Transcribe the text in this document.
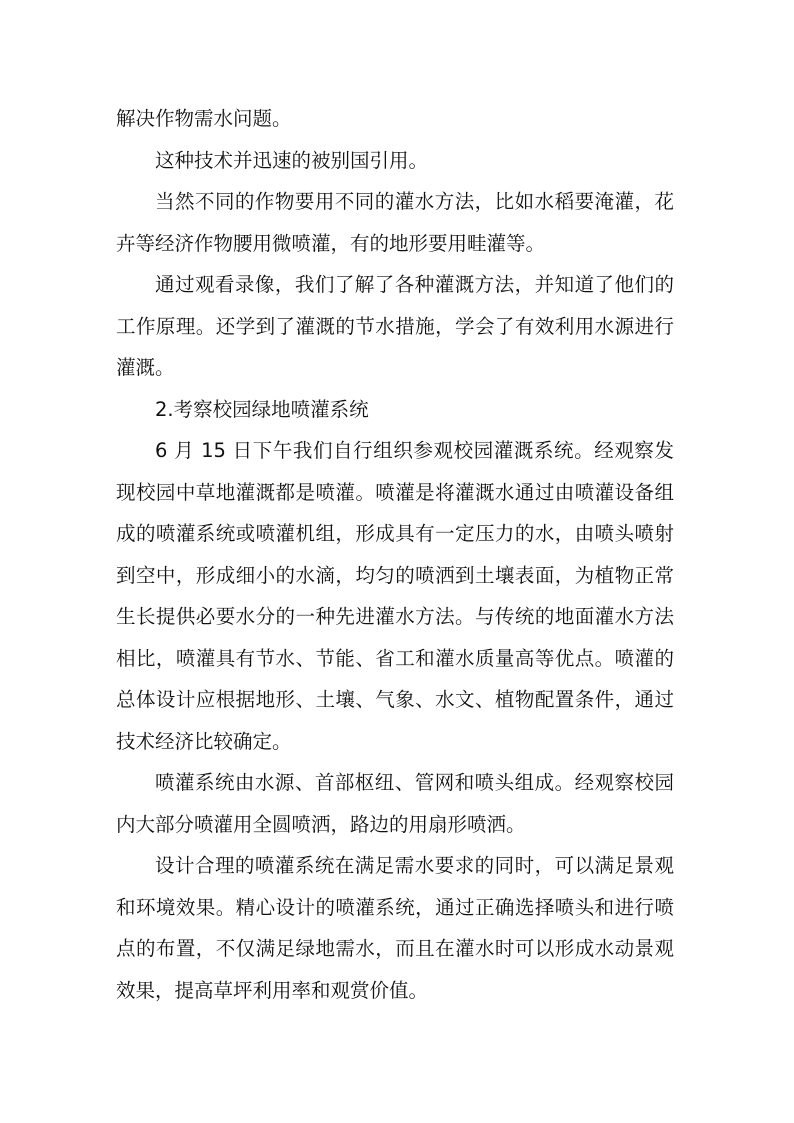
解决作物需水问题。

这种技术并迅速的被别国引用。

当然不同的作物要用不同的灌水方法，比如水稻要淹灌，花卉等经济作物腰用微喷灌，有的地形要用畦灌等。

通过观看录像，我们了解了各种灌溉方法，并知道了他们的工作原理。还学到了灌溉的节水措施，学会了有效利用水源进行灌溉。

2.考察校园绿地喷灌系统

6 月 15 日下午我们自行组织参观校园灌溉系统。经观察发现校园中草地灌溉都是喷灌。喷灌是将灌溉水通过由喷灌设备组成的喷灌系统或喷灌机组，形成具有一定压力的水，由喷头喷射到空中，形成细小的水滴，均匀的喷洒到土壤表面，为植物正常生长提供必要水分的一种先进灌水方法。与传统的地面灌水方法相比，喷灌具有节水、节能、省工和灌水质量高等优点。喷灌的总体设计应根据地形、土壤、气象、水文、植物配置条件，通过技术经济比较确定。

喷灌系统由水源、首部枢纽、管网和喷头组成。经观察校园内大部分喷灌用全圆喷洒，路边的用扇形喷洒。

设计合理的喷灌系统在满足需水要求的同时，可以满足景观和环境效果。精心设计的喷灌系统，通过正确选择喷头和进行喷点的布置，不仅满足绿地需水，而且在灌水时可以形成水动景观效果，提高草坪利用率和观赏价值。
